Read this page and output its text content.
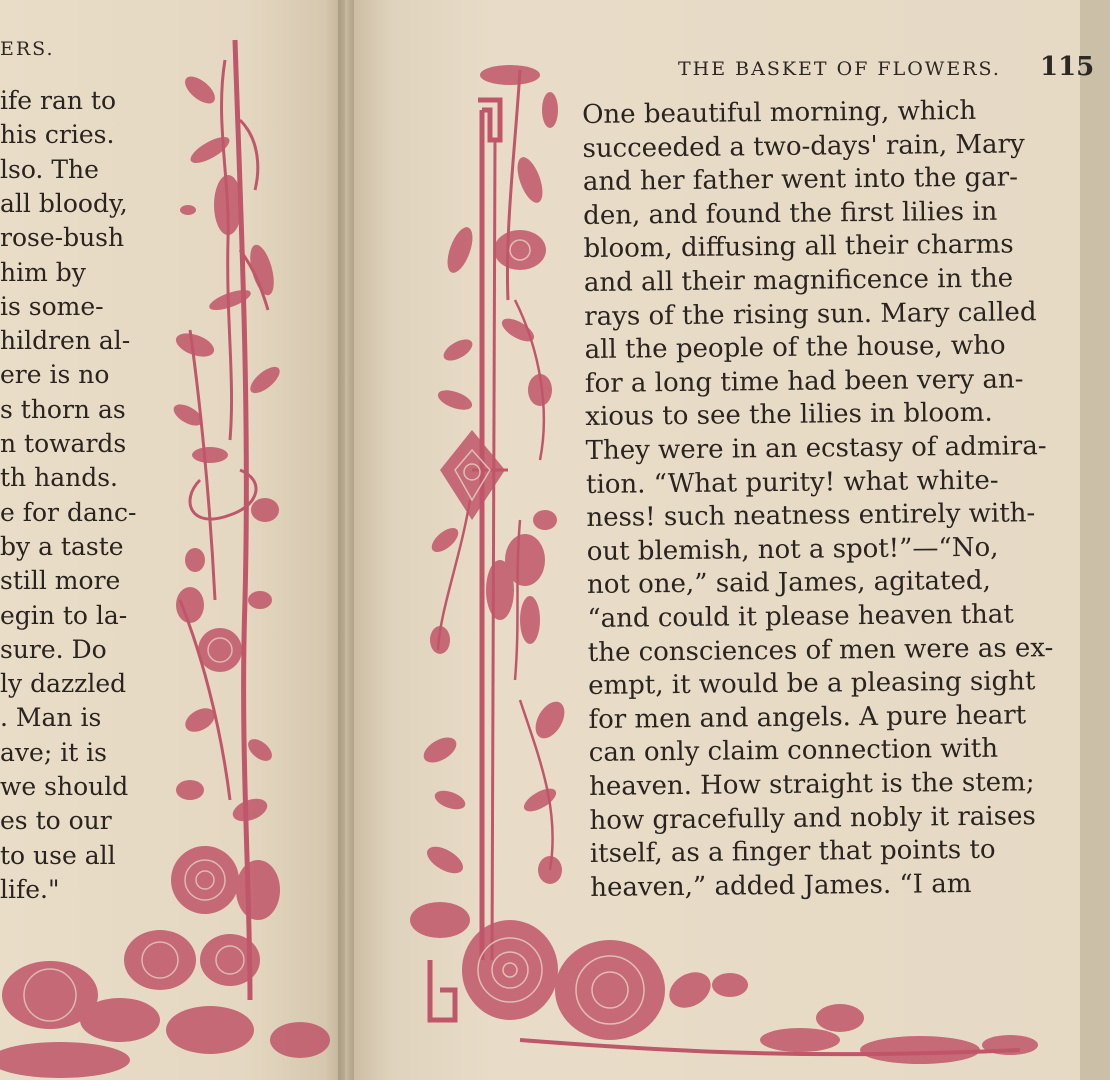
ERS.
ife ran to
his cries.
lso. The
all bloody,
rose-bush
him by
is some-
hildren al-
ere is no
s thorn as
n towards
th hands.
e for danc-
by a taste
still more
egin to la-
sure. Do
ly dazzled
. Man is
ave; it is
we should
es to our
to use all
life."
THE BASKET OF FLOWERS. 115
One beautiful morning, which
succeeded a two-days' rain, Mary
and her father went into the gar-
den, and found the first lilies in
bloom, diffusing all their charms
and all their magnificence in the
rays of the rising sun. Mary called
all the people of the house, who
for a long time had been very an-
xious to see the lilies in bloom.
They were in an ecstasy of admira-
tion. “What purity! what white-
ness! such neatness entirely with-
out blemish, not a spot!”—“No,
not one,” said James, agitated,
“and could it please heaven that
the consciences of men were as ex-
empt, it would be a pleasing sight
for men and angels. A pure heart
can only claim connection with
heaven. How straight is the stem;
how gracefully and nobly it raises
itself, as a finger that points to
heaven,” added James. “I am
